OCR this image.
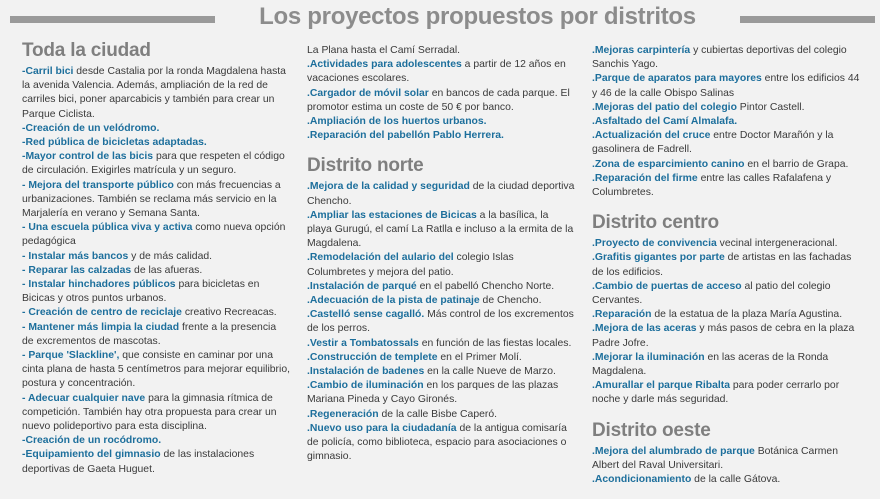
Los proyectos propuestos por distritos
Toda la ciudad

-Carril bici desde Castalia por la ronda Magdalena hasta la avenida Valencia. Además, ampliación de la red de carriles bici, poner aparcabicis y también para crear un Parque Ciclista.

-Creación de un velódromo.

-Red pública de bicicletas adaptadas.

-Mayor control de las bicis para que respeten el código de circulación. Exigirles matrícula y un seguro.

- Mejora del transporte público con más frecuencias a urbanizaciones. También se reclama más servicio en la Marjalería en verano y Semana Santa.

- Una escuela pública viva y activa como nueva opción pedagógica

- Instalar más bancos y de más calidad.

- Reparar las calzadas de las afueras.

- Instalar hinchadores públicos para bicicletas en Bicicas y otros puntos urbanos.

- Creación de centro de reciclaje creativo Recreacas.

- Mantener más limpia la ciudad frente a la presencia de excrementos de mascotas.

- Parque 'Slackline', que consiste en caminar por una cinta plana de hasta 5 centímetros para mejorar equilibrio, postura y concentración.

- Adecuar cualquier nave para la gimnasia rítmica de competición. También hay otra propuesta para crear un nuevo polideportivo para esta disciplina.

-Creación de un rocódromo.

-Equipamiento del gimnasio de las instalaciones deportivas de Gaeta Huguet.

La Plana hasta el Camí Serradal.

.Actividades para adolescentes a partir de 12 años en vacaciones escolares.

.Cargador de móvil solar en bancos de cada parque. El promotor estima un coste de 50 € por banco.

.Ampliación de los huertos urbanos.

.Reparación del pabellón Pablo Herrera.

Distrito norte

.Mejora de la calidad y seguridad de la ciudad deportiva Chencho.

.Ampliar las estaciones de Bicicas a la basílica, la playa Gurugú, el camí La Ratlla e incluso a la ermita de la Magdalena.

.Remodelación del aulario del colegio Islas Columbretes y mejora del patio.

.Instalación de parqué en el pabelló Chencho Norte.

.Adecuación de la pista de patinaje de Chencho.

.Castelló sense cagalló. Más control de los excrementos de los perros.

.Vestir a Tombatossals en función de las fiestas locales.

.Construcción de templete en el Primer Molí.

.Instalación de badenes en la calle Nueve de Marzo.

.Cambio de iluminación en los parques de las plazas Mariana Pineda y Cayo Gironés.

.Regeneración de la calle Bisbe Caperó.

.Nuevo uso para la ciudadanía de la antigua comisaría de policía, como biblioteca, espacio para asociaciones o gimnasio.

.Mejoras carpintería y cubiertas deportivas del colegio Sanchis Yago.

.Parque de aparatos para mayores entre los edificios 44 y 46 de la calle Obispo Salinas

.Mejoras del patio del colegio Pintor Castell.

.Asfaltado del Camí Almalafa.

.Actualización del cruce entre Doctor Marañón y la gasolinera de Fadrell.

.Zona de esparcimiento canino en el barrio de Grapa.

.Reparación del firme entre las calles Rafalafena y Columbretes.

Distrito centro

.Proyecto de convivencia vecinal intergeneracional.

.Grafitis gigantes por parte de artistas en las fachadas de los edificios.

.Cambio de puertas de acceso al patio del colegio Cervantes.

.Reparación de la estatua de la plaza María Agustina.

.Mejora de las aceras y más pasos de cebra en la plaza Padre Jofre.

.Mejorar la iluminación en las aceras de la Ronda Magdalena.

.Amurallar el parque Ribalta para poder cerrarlo por noche y darle más seguridad.

Distrito oeste

.Mejora del alumbrado de parque Botánica Carmen Albert del Raval Universitari.

.Acondicionamiento de la calle Gátova.
